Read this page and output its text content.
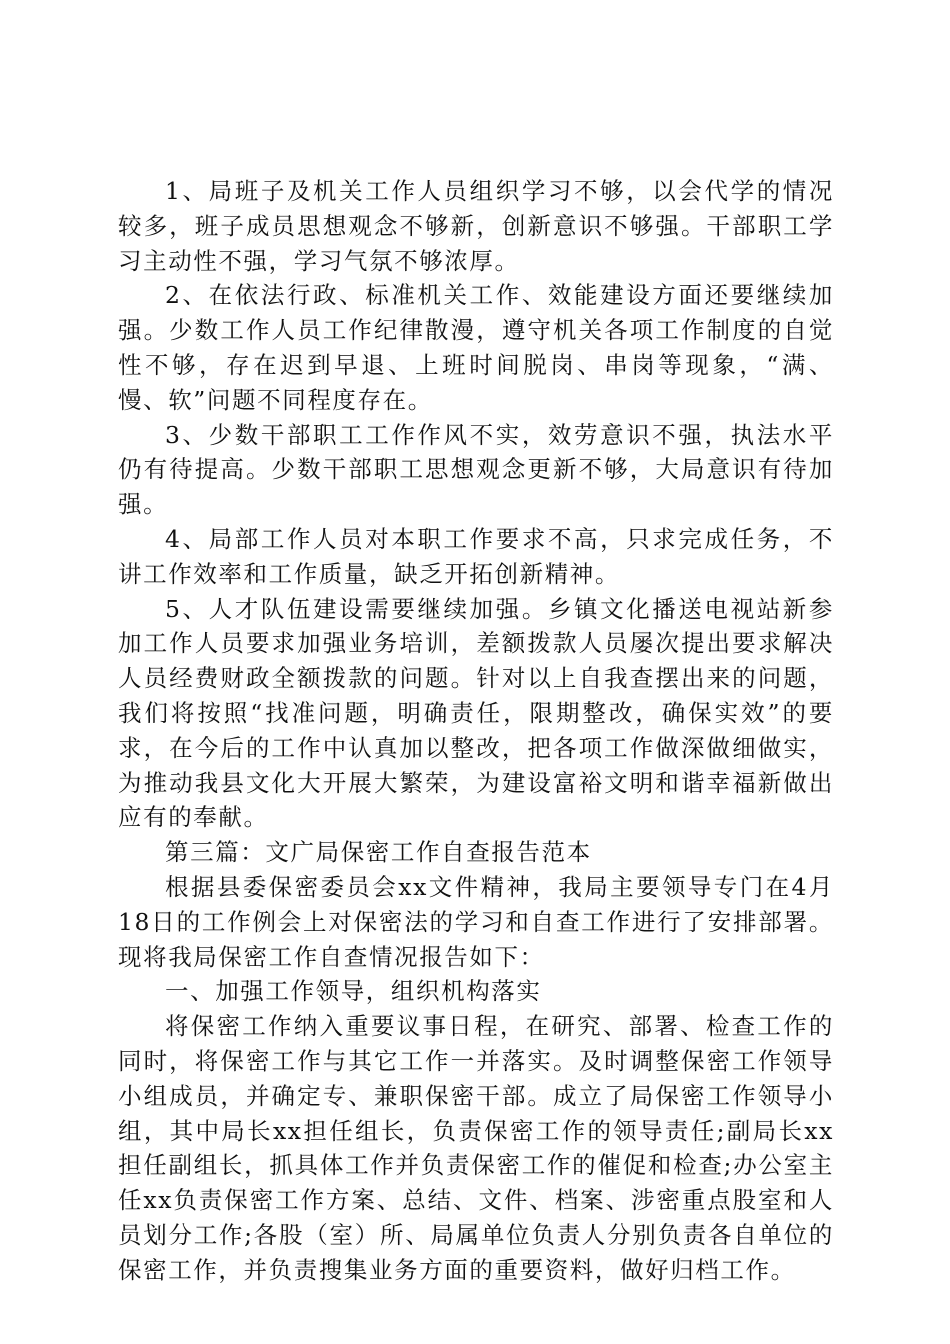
1、局班子及机关工作人员组织学习不够，以会代学的情况较多，班子成员思想观念不够新，创新意识不够强。干部职工学习主动性不强，学习气氛不够浓厚。

2、在依法行政、标准机关工作、效能建设方面还要继续加强。少数工作人员工作纪律散漫，遵守机关各项工作制度的自觉性不够，存在迟到早退、上班时间脱岗、串岗等现象，“满、慢、软”问题不同程度存在。

3、少数干部职工工作作风不实，效劳意识不强，执法水平仍有待提高。少数干部职工思想观念更新不够，大局意识有待加强。

4、局部工作人员对本职工作要求不高，只求完成任务，不讲工作效率和工作质量，缺乏开拓创新精神。

5、人才队伍建设需要继续加强。乡镇文化播送电视站新参加工作人员要求加强业务培训，差额拨款人员屡次提出要求解决人员经费财政全额拨款的问题。针对以上自我查摆出来的问题，我们将按照“找准问题，明确责任，限期整改，确保实效”的要求，在今后的工作中认真加以整改，把各项工作做深做细做实，为推动我县文化大开展大繁荣，为建设富裕文明和谐幸福新做出应有的奉献。

第三篇：文广局保密工作自查报告范本

根据县委保密委员会xx文件精神，我局主要领导专门在4月18日的工作例会上对保密法的学习和自查工作进行了安排部署。现将我局保密工作自查情况报告如下：

一、加强工作领导，组织机构落实

将保密工作纳入重要议事日程，在研究、部署、检查工作的同时，将保密工作与其它工作一并落实。及时调整保密工作领导小组成员，并确定专、兼职保密干部。成立了局保密工作领导小组，其中局长xx担任组长，负责保密工作的领导责任;副局长xx担任副组长，抓具体工作并负责保密工作的催促和检查;办公室主任xx负责保密工作方案、总结、文件、档案、涉密重点股室和人员划分工作;各股（室）所、局属单位负责人分别负责各自单位的保密工作，并负责搜集业务方面的重要资料，做好归档工作。
